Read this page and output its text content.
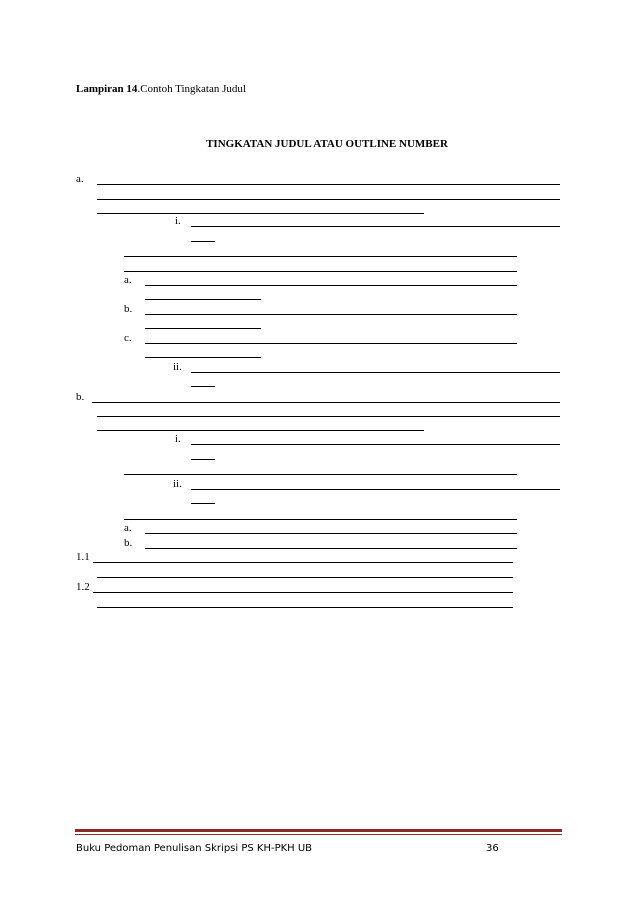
Lampiran 14.Contoh Tingkatan Judul
TINGKATAN JUDUL ATAU OUTLINE NUMBER
a.
i.
a.
b.
c.
ii.
b.
i.
ii.
a.
b.
1.1
1.2
Buku Pedoman Penulisan Skripsi PS KH-PKH UB	36
